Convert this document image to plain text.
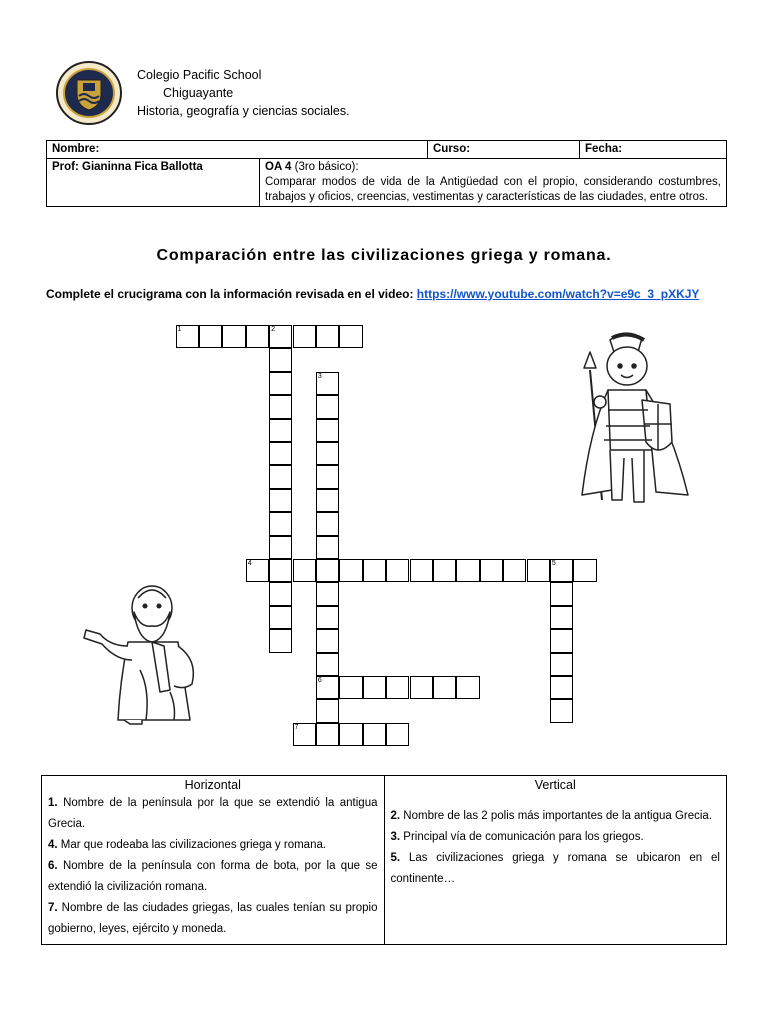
Colegio Pacific School
Chiguayante
Historia, geografía y ciencias sociales.
Nombre:		Curso:	Fecha:
Prof: Gianinna Fica Ballotta	OA 4 (3ro básico):
Comparar modos de vida de la Antigüedad con el propio, considerando costumbres, trabajos y oficios, creencias, vestimentas y características de las ciudades, entre otros.		
Comparación entre las civilizaciones griega y romana.
Complete el crucigrama con la información revisada en el video: https://www.youtube.com/watch?v=e9c_3_pXKJY
1	2
3
6
4	5
7
Horizontal
1. Nombre de la península por la que se extendió la antigua Grecia.
4. Mar que rodeaba las civilizaciones griega y romana.
6. Nombre de la península con forma de bota, por la que se extendió la civilización romana.
7. Nombre de las ciudades griegas, las cuales tenían su propio gobierno, leyes, ejército y moneda.

Vertical
2. Nombre de las 2 polis más importantes de la antigua Grecia.
3. Principal vía de comunicación para los griegos.
5. Las civilizaciones griega y romana se ubicaron en el continente…
